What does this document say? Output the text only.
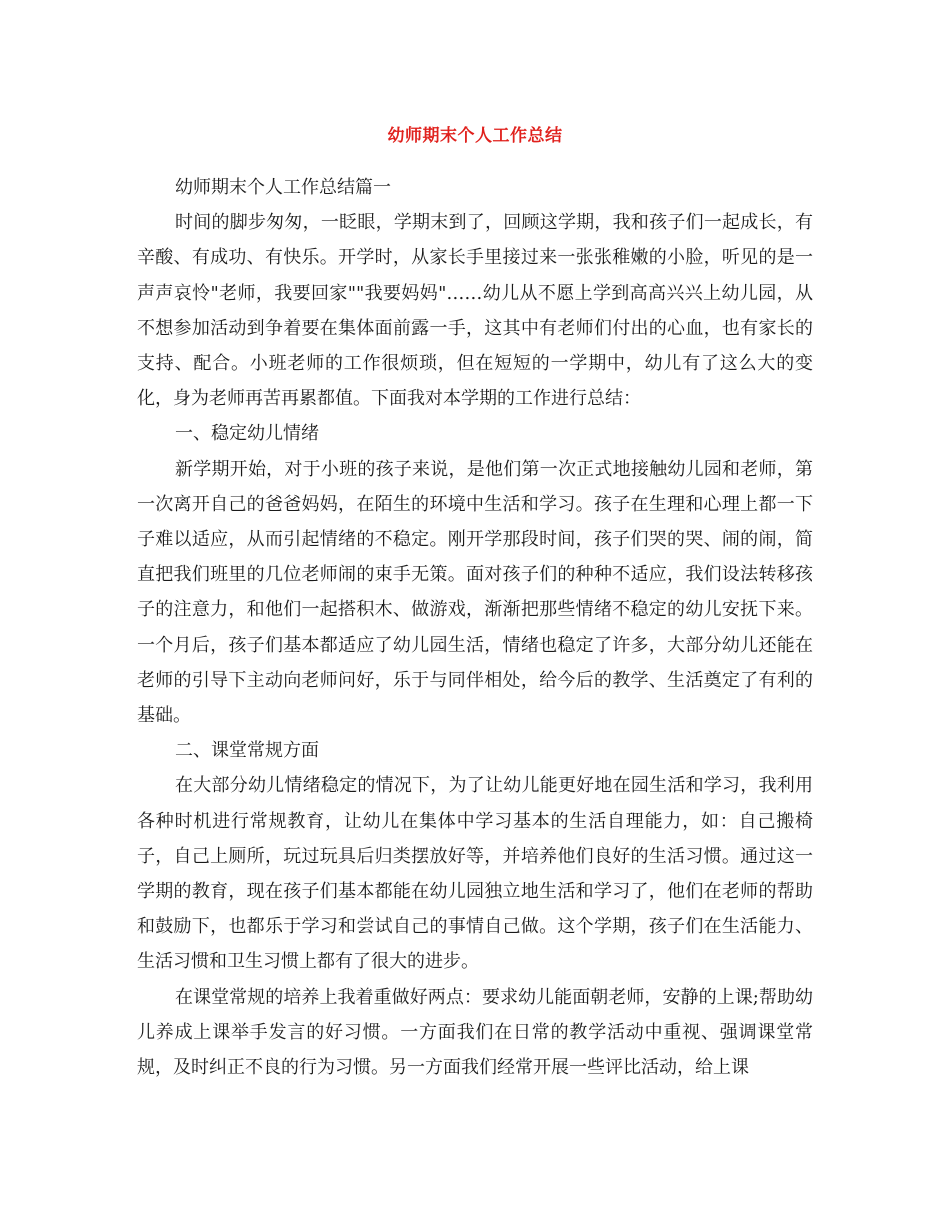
幼师期末个人工作总结

幼师期末个人工作总结篇一

时间的脚步匆匆，一眨眼，学期末到了，回顾这学期，我和孩子们一起成长，有辛酸、有成功、有快乐。开学时，从家长手里接过来一张张稚嫩的小脸，听见的是一声声哀怜"老师，我要回家""我要妈妈"……幼儿从不愿上学到高高兴兴上幼儿园，从不想参加活动到争着要在集体面前露一手，这其中有老师们付出的心血，也有家长的支持、配合。小班老师的工作很烦琐，但在短短的一学期中，幼儿有了这么大的变化，身为老师再苦再累都值。下面我对本学期的工作进行总结：

一、稳定幼儿情绪

新学期开始，对于小班的孩子来说，是他们第一次正式地接触幼儿园和老师，第一次离开自己的爸爸妈妈，在陌生的环境中生活和学习。孩子在生理和心理上都一下子难以适应，从而引起情绪的不稳定。刚开学那段时间，孩子们哭的哭、闹的闹，简直把我们班里的几位老师闹的束手无策。面对孩子们的种种不适应，我们设法转移孩子的注意力，和他们一起搭积木、做游戏，渐渐把那些情绪不稳定的幼儿安抚下来。一个月后，孩子们基本都适应了幼儿园生活，情绪也稳定了许多，大部分幼儿还能在老师的引导下主动向老师问好，乐于与同伴相处，给今后的教学、生活奠定了有利的基础。

二、课堂常规方面

在大部分幼儿情绪稳定的情况下，为了让幼儿能更好地在园生活和学习，我利用各种时机进行常规教育，让幼儿在集体中学习基本的生活自理能力，如：自己搬椅子，自己上厕所，玩过玩具后归类摆放好等，并培养他们良好的生活习惯。通过这一学期的教育，现在孩子们基本都能在幼儿园独立地生活和学习了，他们在老师的帮助和鼓励下，也都乐于学习和尝试自己的事情自己做。这个学期，孩子们在生活能力、生活习惯和卫生习惯上都有了很大的进步。

在课堂常规的培养上我着重做好两点：要求幼儿能面朝老师，安静的上课;帮助幼儿养成上课举手发言的好习惯。一方面我们在日常的教学活动中重视、强调课堂常规，及时纠正不良的行为习惯。另一方面我们经常开展一些评比活动，给上课
